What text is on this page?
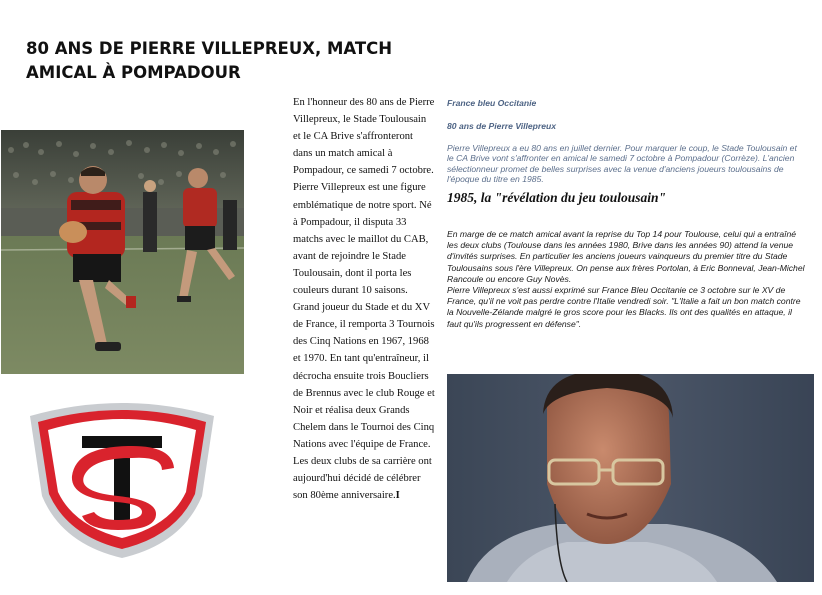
80 ANS DE PIERRE VILLEPREUX, MATCH AMICAL À POMPADOUR

En l'honneur des 80 ans de Pierre Villepreux, le Stade Toulousain et le CA Brive s'affronteront dans un match amical à Pompadour, ce samedi 7 octobre.

Pierre Villepreux est une figure emblématique de notre sport. Né à Pompadour, il disputa 33 matchs avec le maillot du CAB, avant de rejoindre le Stade Toulousain, dont il porta les couleurs durant 10 saisons. Grand joueur du Stade et du XV de France, il remporta 3 Tournois des Cinq Nations en 1967, 1968 et 1970. En tant qu'entraîneur, il décrocha ensuite trois Boucliers de Brennus avec le club Rouge et Noir et réalisa deux Grands Chelem dans le Tournoi des Cinq Nations avec l'équipe de France. Les deux clubs de sa carrière ont aujourd'hui décidé de célébrer son 80ème anniversaire.I

France bleu Occitanie
80 ans de Pierre Villepreux
Pierre Villepreux a eu 80 ans en juillet dernier. Pour marquer le coup, le Stade Toulousain et le CA Brive vont s'affronter en amical le samedi 7 octobre à Pompadour (Corrèze). L'ancien sélectionneur promet de belles surprises avec la venue d'anciens joueurs toulousains de l'époque du titre en 1985.
1985, la "révélation du jeu toulousain"

En marge de ce match amical avant la reprise du Top 14 pour Toulouse, celui qui a entraîné les deux clubs (Toulouse dans les années 1980, Brive dans les années 90) attend la venue d'invités surprises. En particulier les anciens joueurs vainqueurs du premier titre du Stade Toulousains sous l'ère Villepreux. On pense aux frères Portolan, à Eric Bonneval, Jean-Michel Rancoule ou encore Guy Novès.

Pierre Villepreux s'est aussi exprimé sur France Bleu Occitanie ce 3 octobre sur le XV de France, qu'il ne voit pas perdre contre l'Italie vendredi soir. "L'Italie a fait un bon match contre la Nouvelle-Zélande malgré le gros score pour les Blacks. Ils ont des qualités en attaque, il faut qu'ils progressent en défense".
